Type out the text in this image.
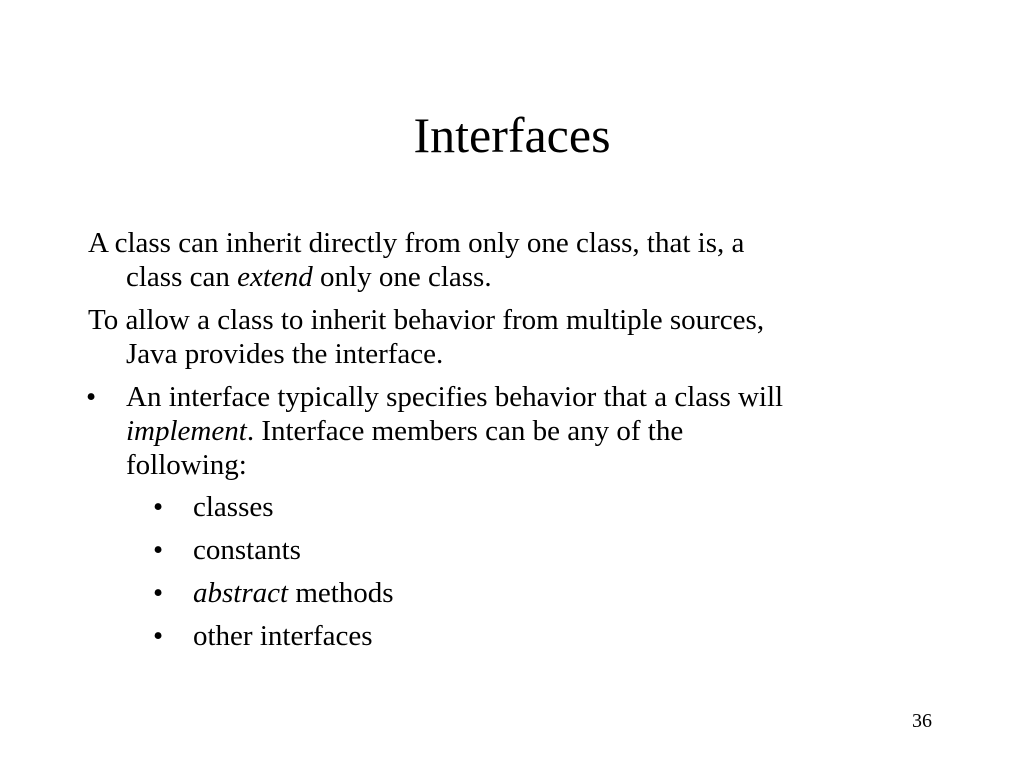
Interfaces

A class can inherit directly from only one class, that is, a
class can extend only one class.

To allow a class to inherit behavior from multiple sources,
Java provides the interface.

•	An interface typically specifies behavior that a class will
implement. Interface members can be any of the
following:

• classes
• constants
• abstract methods
• other interfaces
36
